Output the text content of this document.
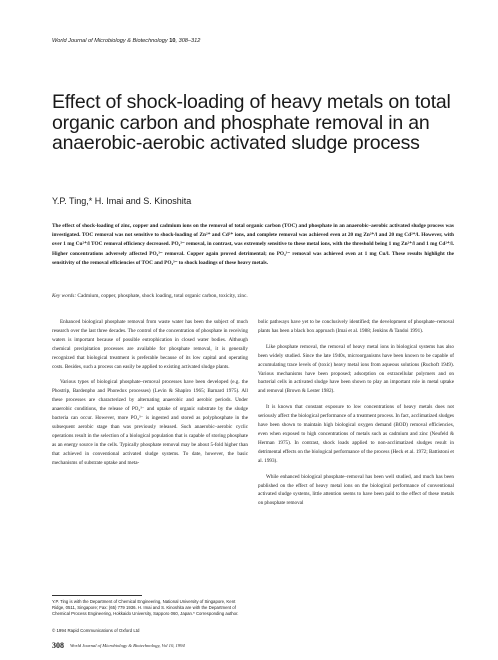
World Journal of Microbiology & Biotechnology 10, 308–312
Effect of shock-loading of heavy metals on total organic carbon and phosphate removal in an anaerobic-aerobic activated sludge process
Y.P. Ting,* H. Imai and S. Kinoshita

The effect of shock-loading of zinc, copper and cadmium ions on the removal of total organic carbon (TOC) and phosphate in an anaerobic–aerobic activated sludge process was investigated. TOC removal was not sensitive to shock-loading of Zn²⁺ and Cd²⁺ ions, and complete removal was achieved even at 20 mg Zn²⁺/l and 20 mg Cd²⁺/l. However, with over 1 mg Cu²⁺/l TOC removal efficiency decreased. PO₄³⁻ removal, in contrast, was extremely sensitive to these metal ions, with the threshold being 1 mg Zn²⁺/l and 1 mg Cd²⁺/l. Higher concentrations adversely affected PO₄³⁻ removal. Copper again proved detrimental; no PO₄³⁻ removal was achieved even at 1 mg Cu/l. These results highlight the sensitivity of the removal efficiencies of TOC and PO₄³⁻ to shock loadings of these heavy metals.

Key words: Cadmium, copper, phosphate, shock loading, total organic carbon, toxicity, zinc.

Enhanced biological phosphate removal from waste water has been the subject of much research over the last three decades. The control of the concentration of phosphate in receiving waters is important because of possible eutrophication in closed water bodies. Although chemical precipitation processes are available for phosphate removal, it is generally recognized that biological treatment is preferable because of its low capital and operating costs. Besides, such a process can easily be applied to existing activated sludge plants.

Various types of biological phosphate–removal processes have been developed (e.g. the Phostrip, Bardenpho and Phoredox processes) (Levin & Shapiro 1965; Barnard 1975). All these processes are characterized by alternating anaerobic and aerobic periods. Under anaerobic conditions, the release of PO₄³⁻ and uptake of organic substrate by the sludge bacteria can occur. However, more PO₄³⁻ is ingested and stored as polyphosphate in the subsequent aerobic stage than was previously released. Such anaerobic–aerobic cyclic operations result in the selection of a biological population that is capable of storing phosphate as an energy source in the cells. Typically phosphate removal may be about 5-fold higher than that achieved in conventional activated sludge systems. To date, however, the basic mechanisms of substrate uptake and meta-

bolic pathways have yet to be conclusively identified; the development of phosphate–removal plants has been a black box approach (Imai et al. 1988; Jenkins & Tandoi 1991).

Like phosphate removal, the removal of heavy metal ions in biological systems has also been widely studied. Since the late 1940s, microorganisms have been known to be capable of accumulating trace levels of (toxic) heavy metal ions from aqueous solutions (Ruchoft 1949). Various mechanisms have been proposed; adsorption on extracellular polymers and on bacterial cells in activated sludge have been shown to play an important role in metal uptake and removal (Brown & Lester 1982).

It is known that constant exposure to low concentrations of heavy metals does not seriously affect the biological performance of a treatment process. In fact, acclimatized sludges have been shown to maintain high biological oxygen demand (BOD) removal efficiencies, even when exposed to high concentrations of metals such as cadmium and zinc (Neufeld & Herman 1975). In contrast, shock loads applied to non-acclimatized sludges result in detrimental effects on the biological performance of the process (Heck et al. 1972; Battistoni et al. 1993).

While enhanced biological phosphate–removal has been well studied, and much has been published on the effect of heavy metal ions on the biological performance of conventional activated sludge systems, little attention seems to have been paid to the effect of these metals on phosphate removal

Y.P. Ting is with the Department of Chemical Engineering, National University of Singapore, Kent Ridge, 0511, Singapore; Fax: (65) 779 1936. H. Imai and S. Kinoshita are with the Department of Chemical Process Engineering, Hokkaido University, Sapporo 060, Japan.* Corresponding author.

© 1994 Rapid Communications of Oxford Ltd
308 World Journal of Microbiology & Biotechnology, Vol 10, 1994
